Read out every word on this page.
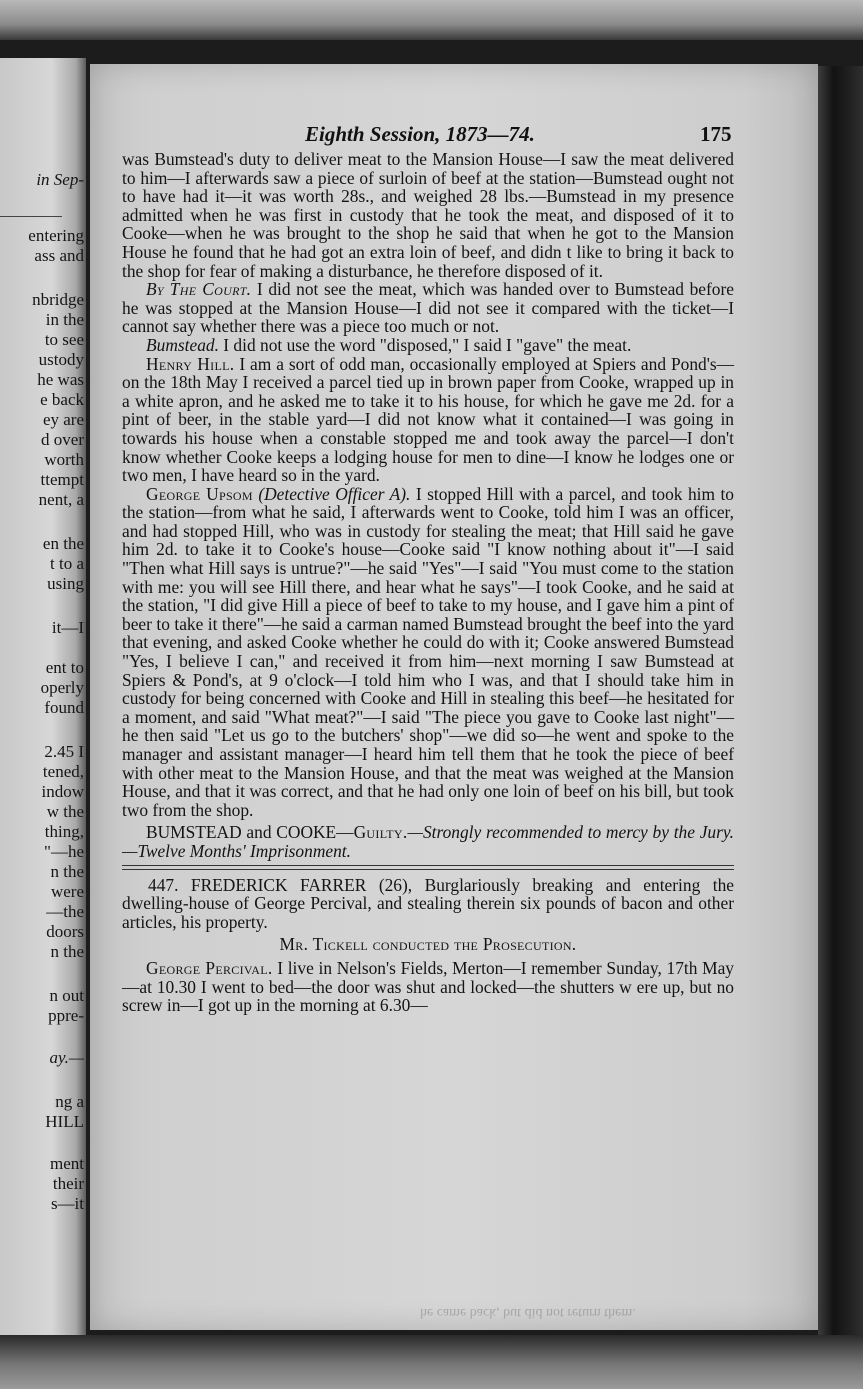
in Sep-
entering
ass and
nbridge
in the
to see
ustody
he was
e back
ey are
d over
worth
ttempt
nent, a
en the
t to a
using
it—I
ent to
operly
found
2.45 I
tened,
indow
w the
thing,
"—he
n the
were
—the
doors
n the
n out
ppre-
ay.—
ng a
HILL
ment
their
s—it
Eighth Session, 1873—74.	175

was Bumstead's duty to deliver meat to the Mansion House—I saw the meat delivered to him—I afterwards saw a piece of surloin of beef at the station—Bumstead ought not to have had it—it was worth 28s., and weighed 28 lbs.—Bumstead in my presence admitted when he was first in custody that he took the meat, and disposed of it to Cooke—when he was brought to the shop he said that when he got to the Mansion House he found that he had got an extra loin of beef, and didn t like to bring it back to the shop for fear of making a disturbance, he therefore disposed of it.

By The Court. I did not see the meat, which was handed over to Bumstead before he was stopped at the Mansion House—I did not see it compared with the ticket—I cannot say whether there was a piece too much or not.

Bumstead. I did not use the word "disposed," I said I "gave" the meat.

Henry Hill. I am a sort of odd man, occasionally employed at Spiers and Pond's—on the 18th May I received a parcel tied up in brown paper from Cooke, wrapped up in a white apron, and he asked me to take it to his house, for which he gave me 2d. for a pint of beer, in the stable yard—I did not know what it contained—I was going in towards his house when a constable stopped me and took away the parcel—I don't know whether Cooke keeps a lodging house for men to dine—I know he lodges one or two men, I have heard so in the yard.

George Upsom (Detective Officer A). I stopped Hill with a parcel, and took him to the station—from what he said, I afterwards went to Cooke, told him I was an officer, and had stopped Hill, who was in custody for stealing the meat; that Hill said he gave him 2d. to take it to Cooke's house—Cooke said "I know nothing about it"—I said "Then what Hill says is untrue?"—he said "Yes"—I said "You must come to the station with me: you will see Hill there, and hear what he says"—I took Cooke, and he said at the station, "I did give Hill a piece of beef to take to my house, and I gave him a pint of beer to take it there"—he said a carman named Bumstead brought the beef into the yard that evening, and asked Cooke whether he could do with it; Cooke answered Bumstead "Yes, I believe I can," and received it from him—next morning I saw Bumstead at Spiers & Pond's, at 9 o'clock—I told him who I was, and that I should take him in custody for being concerned with Cooke and Hill in stealing this beef—he hesitated for a moment, and said "What meat?"—I said "The piece you gave to Cooke last night"—he then said "Let us go to the butchers' shop"—we did so—he went and spoke to the manager and assistant manager—I heard him tell them that he took the piece of beef with other meat to the Mansion House, and that the meat was weighed at the Mansion House, and that it was correct, and that he had only one loin of beef on his bill, but took two from the shop.

BUMSTEAD and COOKE—Guilty.—Strongly recommended to mercy by the Jury.—Twelve Months' Imprisonment.

447. FREDERICK FARRER (26), Burglariously breaking and entering the dwelling-house of George Percival, and stealing therein six pounds of bacon and other articles, his property.

Mr. Tickell conducted the Prosecution.

George Percival. I live in Nelson's Fields, Merton—I remember Sunday, 17th May—at 10.30 I went to bed—the door was shut and locked—the shutters w ere up, but no screw in—I got up in the morning at 6.30—

he came back, but did not return them.
